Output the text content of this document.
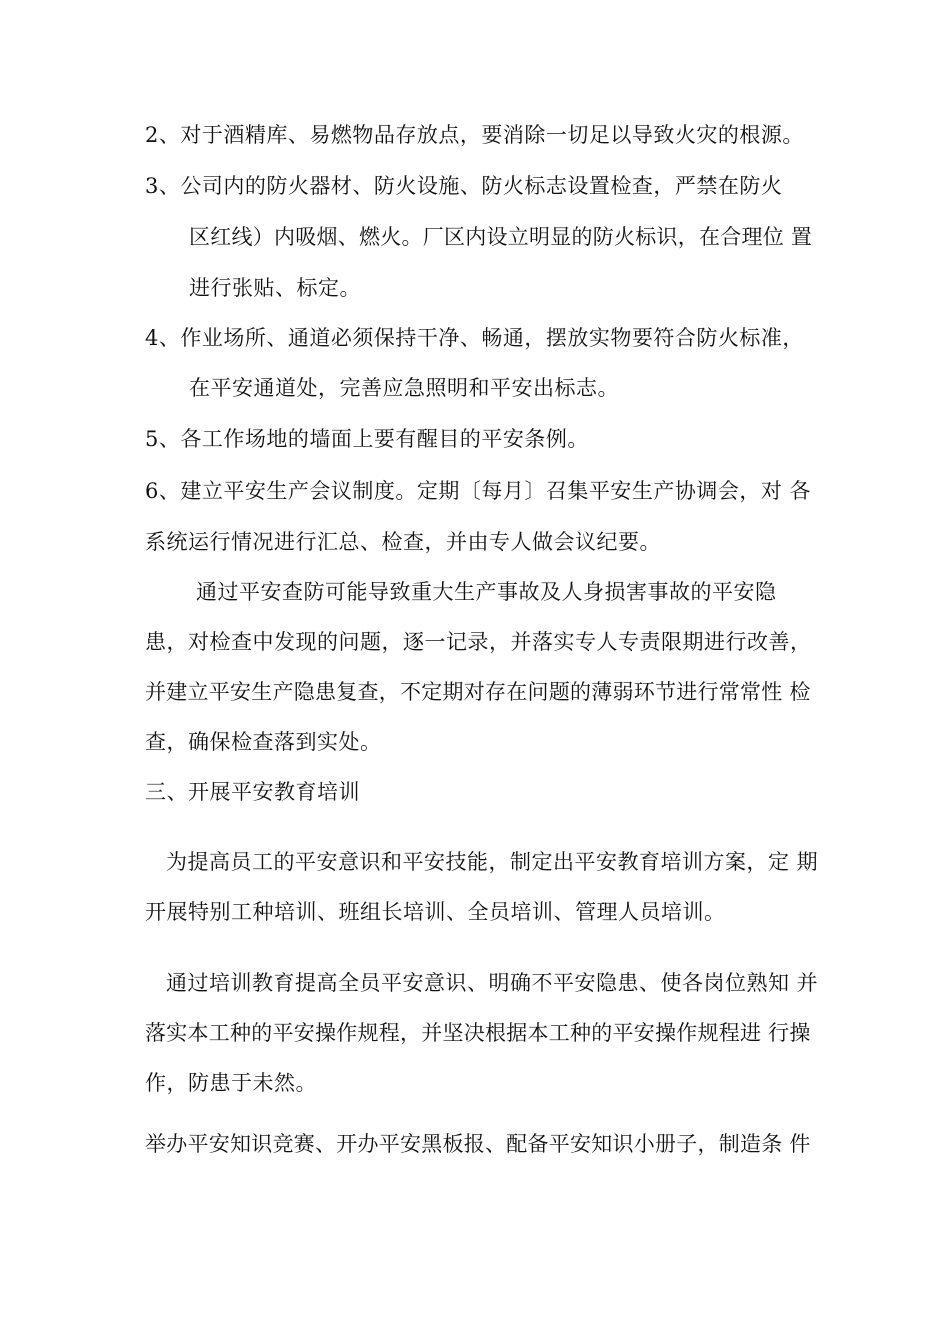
2、对于酒精库、易燃物品存放点，要消除一切足以导致火灾的根源。
3、公司内的防火器材、防火设施、防火标志设置检查，严禁在防火
区红线）内吸烟、燃火。厂区内设立明显的防火标识，在合理位 置
进行张贴、标定。
4、作业场所、通道必须保持干净、畅通，摆放实物要符合防火标准，
在平安通道处，完善应急照明和平安出标志。
5、各工作场地的墙面上要有醒目的平安条例。
6、建立平安生产会议制度。定期〔每月〕召集平安生产协调会，对 各
系统运行情况进行汇总、检查，并由专人做会议纪要。
通过平安查防可能导致重大生产事故及人身损害事故的平安隐
患，对检查中发现的问题，逐一记录，并落实专人专责限期进行改善，
并建立平安生产隐患复查，不定期对存在问题的薄弱环节进行常常性 检
查，确保检查落到实处。
三、开展平安教育培训
为提高员工的平安意识和平安技能，制定出平安教育培训方案，定 期
开展特别工种培训、班组长培训、全员培训、管理人员培训。
通过培训教育提高全员平安意识、明确不平安隐患、使各岗位熟知 并
落实本工种的平安操作规程，并坚决根据本工种的平安操作规程进 行操
作，防患于未然。
举办平安知识竞赛、开办平安黑板报、配备平安知识小册子，制造条 件
